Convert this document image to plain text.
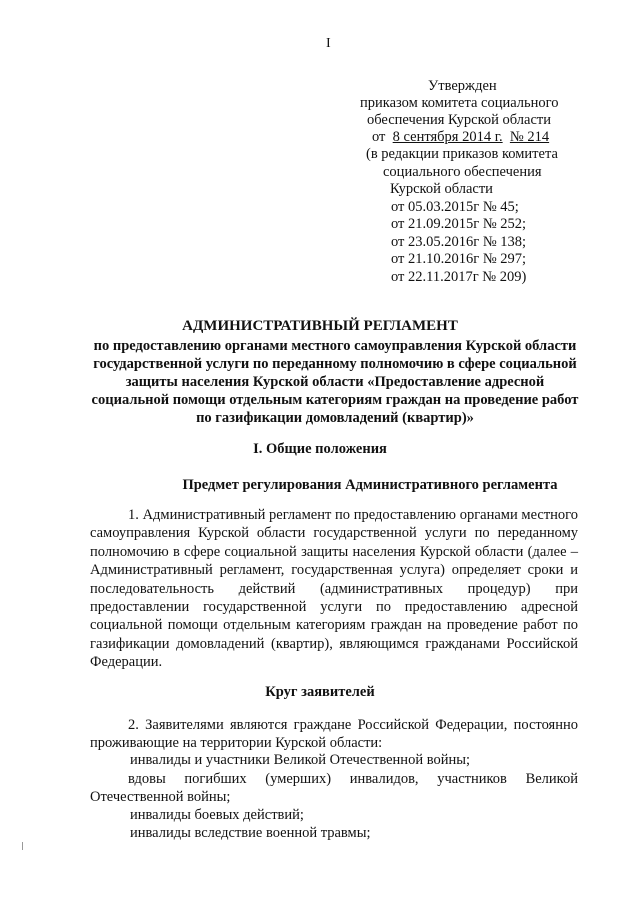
I
Утвержден
приказом комитета социального
обеспечения Курской области
от 8 сентября 2014 г. № 214
(в редакции приказов комитета
социального обеспечения
Курской области
от 05.03.2015г № 45;
от 21.09.2015г № 252;
от 23.05.2016г № 138;
от 21.10.2016г № 297;
от 22.11.2017г № 209)
АДМИНИСТРАТИВНЫЙ РЕГЛАМЕНТ
по предоставлению органами местного самоуправления Курской области государственной услуги по переданному полномочию в сфере социальной защиты населения Курской области «Предоставление адресной социальной помощи отдельным категориям граждан на проведение работ по газификации домовладений (квартир)»
I. Общие положения
Предмет регулирования Административного регламента
1. Административный регламент по предоставлению органами местного самоуправления Курской области государственной услуги по переданному полномочию в сфере социальной защиты населения Курской области (далее – Административный регламент, государственная услуга) определяет сроки и последовательность действий (административных процедур) при предоставлении государственной услуги по предоставлению адресной социальной помощи отдельным категориям граждан на проведение работ по газификации домовладений (квартир), являющимся гражданами Российской Федерации.
Круг заявителей
2. Заявителями являются граждане Российской Федерации, постоянно проживающие на территории Курской области:
инвалиды и участники Великой Отечественной войны;
вдовы погибших (умерших) инвалидов, участников Великой Отечественной войны;
инвалиды боевых действий;
инвалиды вследствие военной травмы;
